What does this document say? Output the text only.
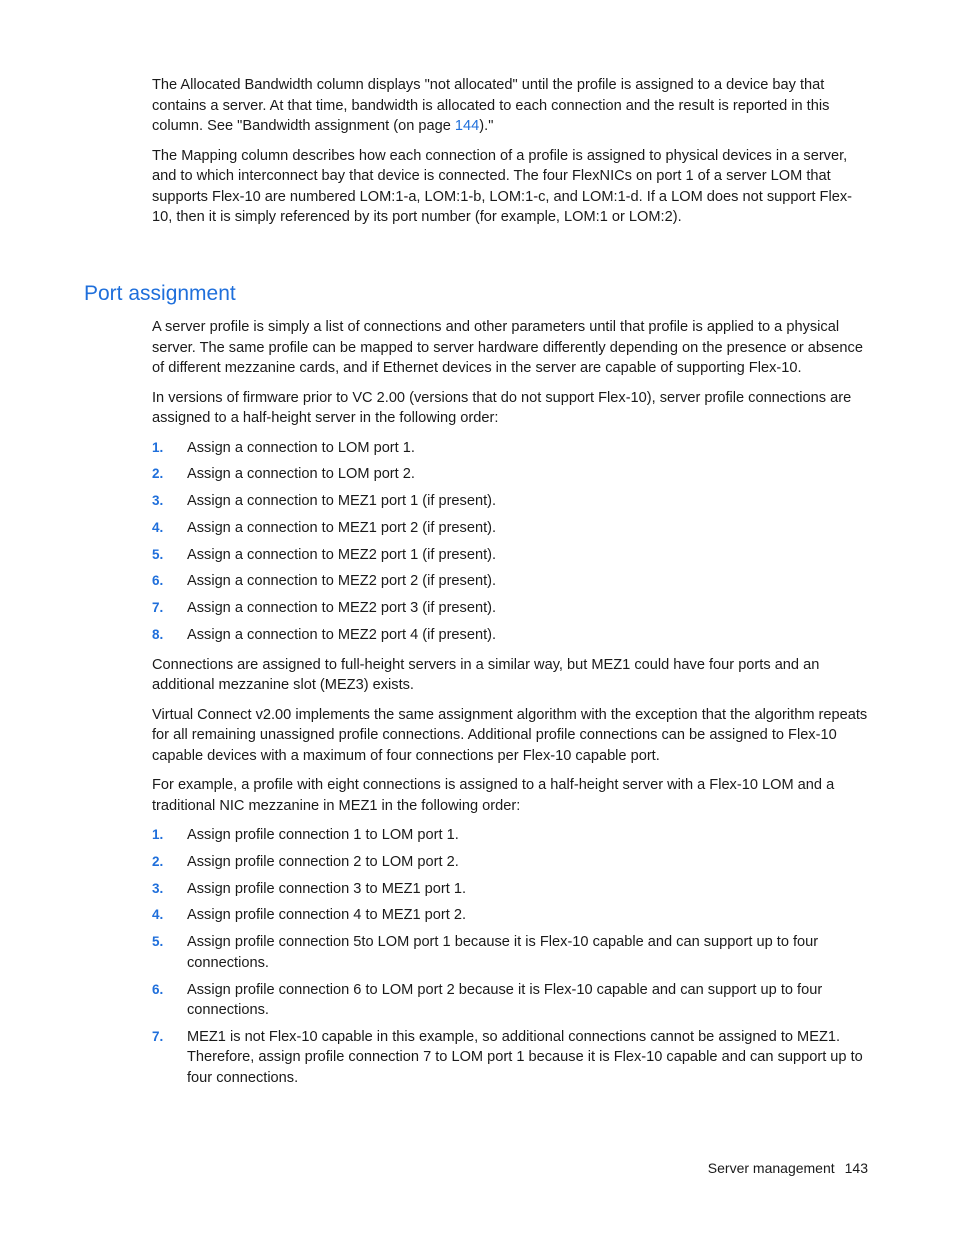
The Allocated Bandwidth column displays "not allocated" until the profile is assigned to a device bay that contains a server. At that time, bandwidth is allocated to each connection and the result is reported in this column. See "Bandwidth assignment (on page 144)."

The Mapping column describes how each connection of a profile is assigned to physical devices in a server, and to which interconnect bay that device is connected. The four FlexNICs on port 1 of a server LOM that supports Flex-10 are numbered LOM:1-a, LOM:1-b, LOM:1-c, and LOM:1-d. If a LOM does not support Flex-10, then it is simply referenced by its port number (for example, LOM:1 or LOM:2).

Port assignment

A server profile is simply a list of connections and other parameters until that profile is applied to a physical server. The same profile can be mapped to server hardware differently depending on the presence or absence of different mezzanine cards, and if Ethernet devices in the server are capable of supporting Flex-10.

In versions of firmware prior to VC 2.00 (versions that do not support Flex-10), server profile connections are assigned to a half-height server in the following order:

1. Assign a connection to LOM port 1.
2. Assign a connection to LOM port 2.
3. Assign a connection to MEZ1 port 1 (if present).
4. Assign a connection to MEZ1 port 2 (if present).
5. Assign a connection to MEZ2 port 1 (if present).
6. Assign a connection to MEZ2 port 2 (if present).
7. Assign a connection to MEZ2 port 3 (if present).
8. Assign a connection to MEZ2 port 4 (if present).

Connections are assigned to full-height servers in a similar way, but MEZ1 could have four ports and an additional mezzanine slot (MEZ3) exists.

Virtual Connect v2.00 implements the same assignment algorithm with the exception that the algorithm repeats for all remaining unassigned profile connections. Additional profile connections can be assigned to Flex-10 capable devices with a maximum of four connections per Flex-10 capable port.

For example, a profile with eight connections is assigned to a half-height server with a Flex-10 LOM and a traditional NIC mezzanine in MEZ1 in the following order:

1. Assign profile connection 1 to LOM port 1.
2. Assign profile connection 2 to LOM port 2.
3. Assign profile connection 3 to MEZ1 port 1.
4. Assign profile connection 4 to MEZ1 port 2.
5. Assign profile connection 5to LOM port 1 because it is Flex-10 capable and can support up to four connections.
6. Assign profile connection 6 to LOM port 2 because it is Flex-10 capable and can support up to four connections.
7. MEZ1 is not Flex-10 capable in this example, so additional connections cannot be assigned to MEZ1. Therefore, assign profile connection 7 to LOM port 1 because it is Flex-10 capable and can support up to four connections.
Server management 143
